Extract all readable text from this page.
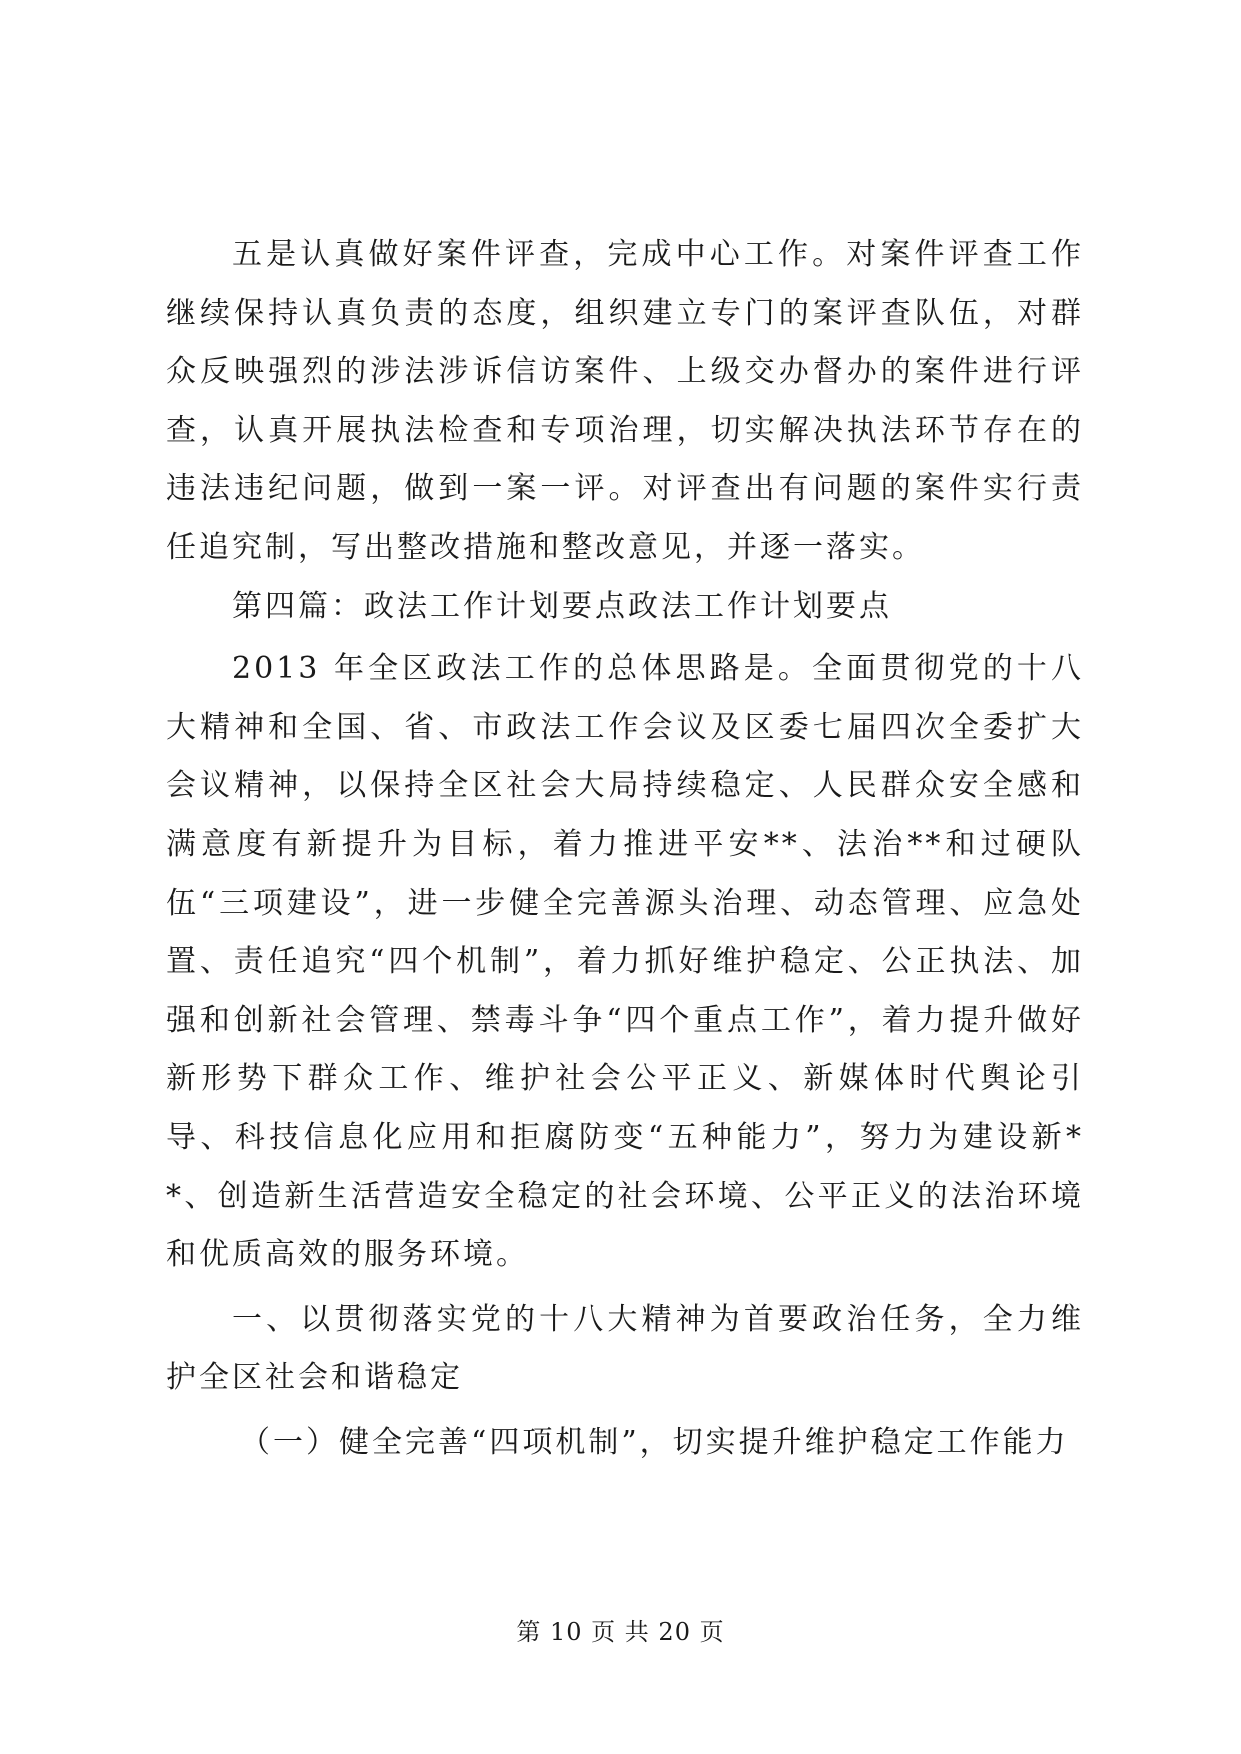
五是认真做好案件评查，完成中心工作。对案件评查工作继续保持认真负责的态度，组织建立专门的案评查队伍，对群众反映强烈的涉法涉诉信访案件、上级交办督办的案件进行评查，认真开展执法检查和专项治理，切实解决执法环节存在的违法违纪问题，做到一案一评。对评查出有问题的案件实行责任追究制，写出整改措施和整改意见，并逐一落实。

第四篇：政法工作计划要点政法工作计划要点

2013 年全区政法工作的总体思路是。全面贯彻党的十八大精神和全国、省、市政法工作会议及区委七届四次全委扩大会议精神，以保持全区社会大局持续稳定、人民群众安全感和满意度有新提升为目标，着力推进平安**、法治**和过硬队伍“三项建设”，进一步健全完善源头治理、动态管理、应急处置、责任追究“四个机制”，着力抓好维护稳定、公正执法、加强和创新社会管理、禁毒斗争“四个重点工作”，着力提升做好新形势下群众工作、维护社会公平正义、新媒体时代舆论引导、科技信息化应用和拒腐防变“五种能力”，努力为建设新**、创造新生活营造安全稳定的社会环境、公平正义的法治环境和优质高效的服务环境。

一、以贯彻落实党的十八大精神为首要政治任务，全力维护全区社会和谐稳定

（一）健全完善“四项机制”，切实提升维护稳定工作能力

第 10 页 共 20 页
